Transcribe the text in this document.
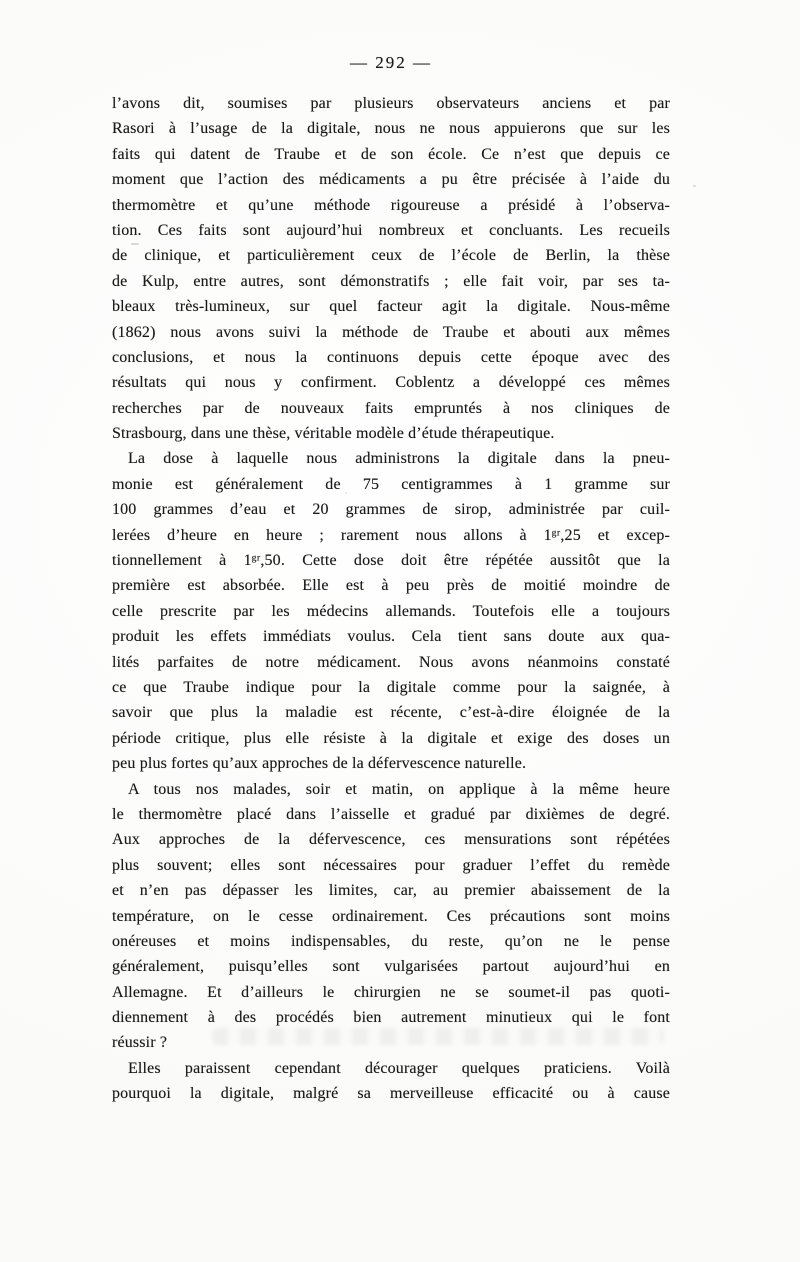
— 292 —
l’avons dit, soumises par plusieurs observateurs anciens et par
Rasori à l’usage de la digitale, nous ne nous appuierons que sur les
faits qui datent de Traube et de son école. Ce n’est que depuis ce
moment que l’action des médicaments a pu être précisée à l’aide du
thermomètre et qu’une méthode rigoureuse a présidé à l’observa-
tion. Ces faits sont aujourd’hui nombreux et concluants. Les recueils
de clinique, et particulièrement ceux de l’école de Berlin, la thèse
de Kulp, entre autres, sont démonstratifs ; elle fait voir, par ses ta-
bleaux très-lumineux, sur quel facteur agit la digitale. Nous-même
(1862) nous avons suivi la méthode de Traube et abouti aux mêmes
conclusions, et nous la continuons depuis cette époque avec des
résultats qui nous y confirment. Coblentz a développé ces mêmes
recherches par de nouveaux faits empruntés à nos cliniques de
Strasbourg, dans une thèse, véritable modèle d’étude thérapeutique.
La dose à laquelle nous administrons la digitale dans la pneu-
monie est généralement de 75 centigrammes à 1 gramme sur
100 grammes d’eau et 20 grammes de sirop, administrée par cuil-
lerées d’heure en heure ; rarement nous allons à 1ᵍʳ,25 et excep-
tionnellement à 1ᵍʳ,50. Cette dose doit être répétée aussitôt que la
première est absorbée. Elle est à peu près de moitié moindre de
celle prescrite par les médecins allemands. Toutefois elle a toujours
produit les effets immédiats voulus. Cela tient sans doute aux qua-
lités parfaites de notre médicament. Nous avons néanmoins constaté
ce que Traube indique pour la digitale comme pour la saignée, à
savoir que plus la maladie est récente, c’est-à-dire éloignée de la
période critique, plus elle résiste à la digitale et exige des doses un
peu plus fortes qu’aux approches de la défervescence naturelle.
A tous nos malades, soir et matin, on applique à la même heure
le thermomètre placé dans l’aisselle et gradué par dixièmes de degré.
Aux approches de la défervescence, ces mensurations sont répétées
plus souvent; elles sont nécessaires pour graduer l’effet du remède
et n’en pas dépasser les limites, car, au premier abaissement de la
température, on le cesse ordinairement. Ces précautions sont moins
onéreuses et moins indispensables, du reste, qu’on ne le pense
généralement, puisqu’elles sont vulgarisées partout aujourd’hui en
Allemagne. Et d’ailleurs le chirurgien ne se soumet-il pas quoti-
diennement à des procédés bien autrement minutieux qui le font
réussir ?
Elles paraissent cependant décourager quelques praticiens. Voilà
pourquoi la digitale, malgré sa merveilleuse efficacité ou à cause
